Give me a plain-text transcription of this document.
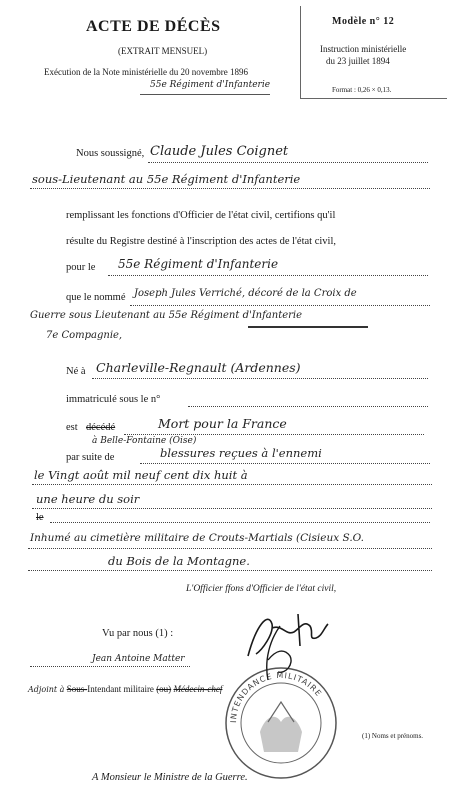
ACTE DE DÉCÈS
(EXTRAIT MENSUEL)
Exécution de la Note ministérielle du 20 novembre 1896
55e Régiment d'Infanterie
Modèle n° 12
Instruction ministérielle
du 23 juillet 1894
Format : 0,26 × 0,13.
Nous soussigné, Claude Jules Coignet
sous-Lieutenant au 55e Régiment d'Infanterie
remplissant les fonctions d'Officier de l'état civil, certifions qu'il
résulte du Registre destiné à l'inscription des actes de l'état civil,
pour le 55e Régiment d'Infanterie
que le nommé Joseph Jules Verriché, décoré de la Croix de
Guerre sous Lieutenant au 55e Régiment d'Infanterie
7e Compagnie,
Né à Charleville-Regnault (Ardennes)
immatriculé sous le n°
est décédé	Mort pour la France
à Belle-Fontaine (Oise)
par suite de	blessures reçues à l'ennemi
le Vingt août mil neuf cent dix huit à
une heure du soir
le
Inhumé au cimetière militaire de Crouts-Martials (Cisieux S.O.
du Bois de la Montagne.
L'Officier ffons d'Officier de l'état civil,
Vu par nous (1) :
Jean Antoine Matter
Adjoint à Sous-Intendant militaire (ou) Médecin-chef
INTENDANCE MILITAIRE
(1) Noms et prénoms.
A Monsieur le Ministre de la Guerre.
